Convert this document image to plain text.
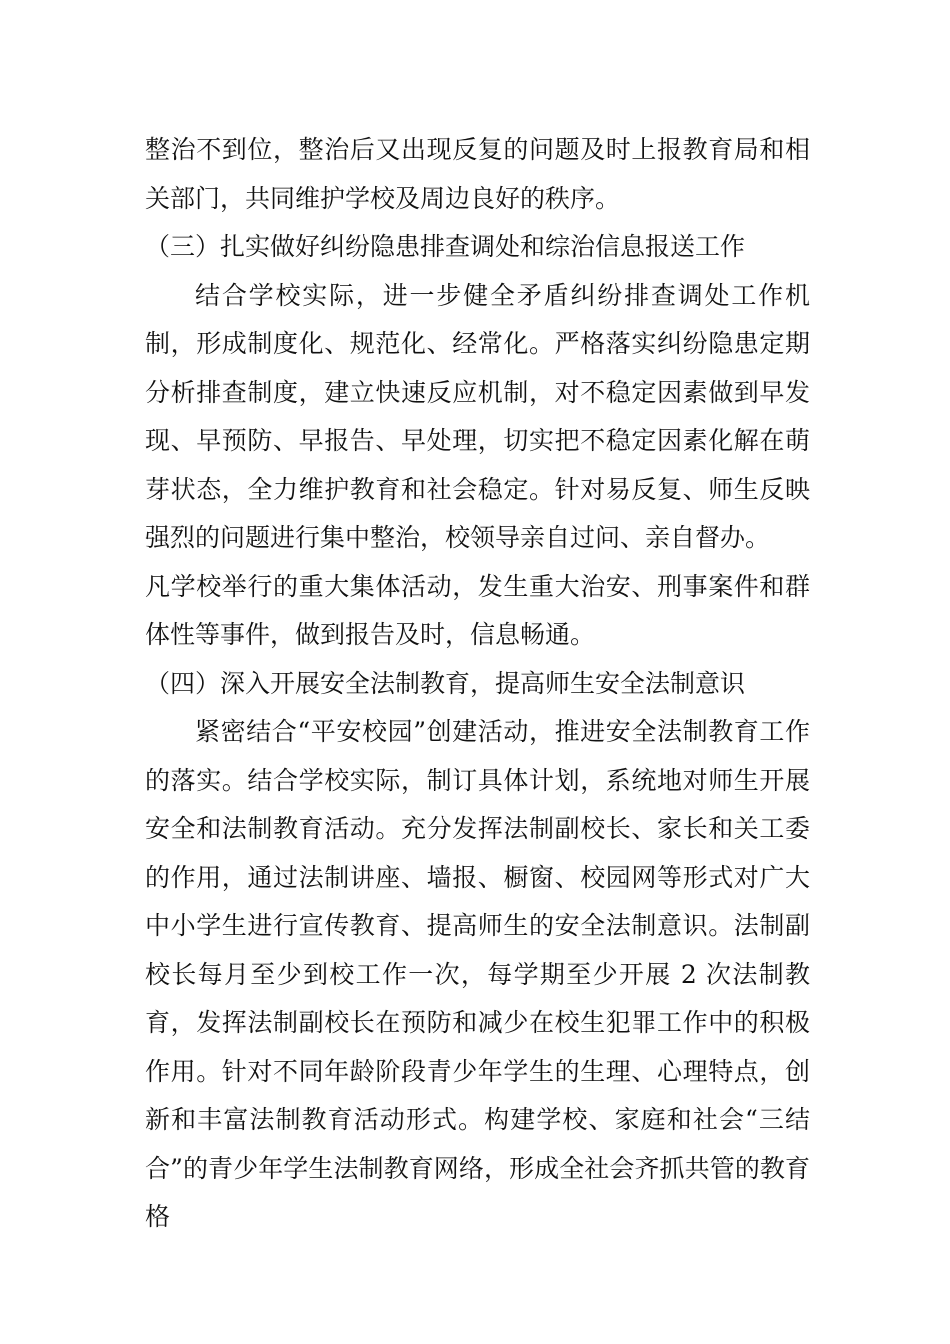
整治不到位，整治后又出现反复的问题及时上报教育局和相关部门，共同维护学校及周边良好的秩序。

（三）扎实做好纠纷隐患排查调处和综治信息报送工作

结合学校实际，进一步健全矛盾纠纷排查调处工作机制，形成制度化、规范化、经常化。严格落实纠纷隐患定期分析排查制度，建立快速反应机制，对不稳定因素做到早发现、早预防、早报告、早处理，切实把不稳定因素化解在萌芽状态，全力维护教育和社会稳定。针对易反复、师生反映强烈的问题进行集中整治，校领导亲自过问、亲自督办。

凡学校举行的重大集体活动，发生重大治安、刑事案件和群体性等事件，做到报告及时，信息畅通。

（四）深入开展安全法制教育，提高师生安全法制意识

紧密结合“平安校园”创建活动，推进安全法制教育工作的落实。结合学校实际，制订具体计划，系统地对师生开展安全和法制教育活动。充分发挥法制副校长、家长和关工委的作用，通过法制讲座、墙报、橱窗、校园网等形式对广大中小学生进行宣传教育、提高师生的安全法制意识。法制副校长每月至少到校工作一次，每学期至少开展 2 次法制教育，发挥法制副校长在预防和减少在校生犯罪工作中的积极作用。针对不同年龄阶段青少年学生的生理、心理特点，创新和丰富法制教育活动形式。构建学校、家庭和社会“三结合”的青少年学生法制教育网络，形成全社会齐抓共管的教育格
